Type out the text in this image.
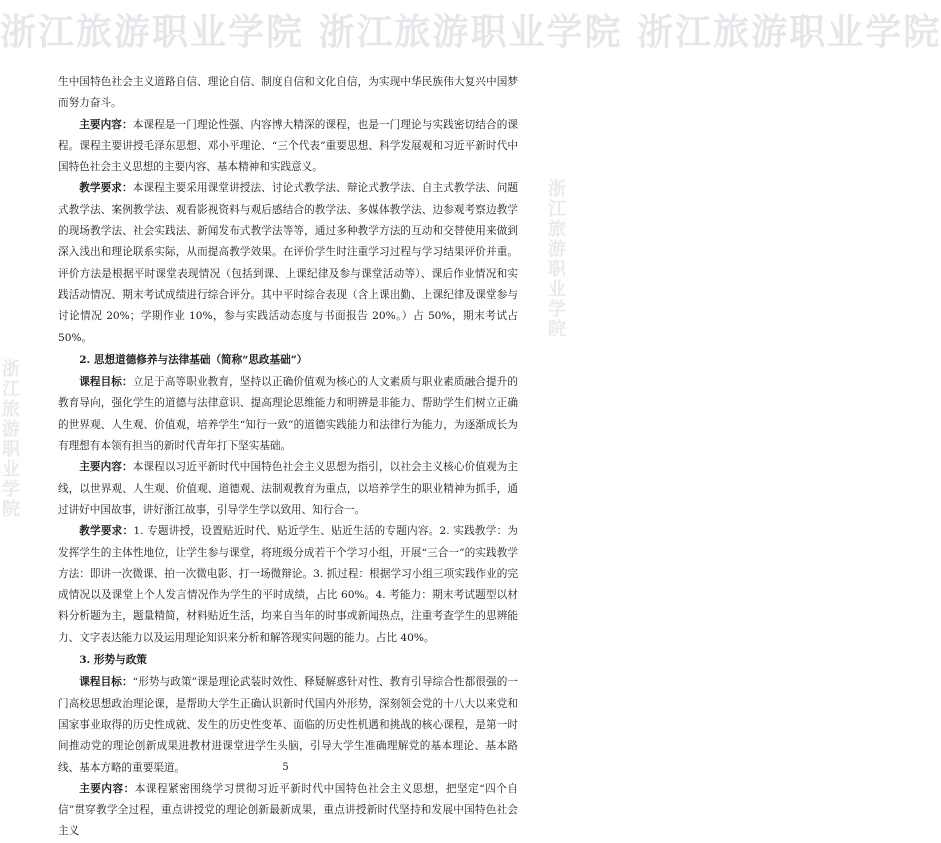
浙江旅游职业学院 浙江旅游职业学院 浙江旅游职业学院
浙江旅游职业学院
浙江旅游职业学院

生中国特色社会主义道路自信、理论自信、制度自信和文化自信，为实现中华民族伟大复兴中国梦而努力奋斗。

主要内容：本课程是一门理论性强、内容博大精深的课程，也是一门理论与实践密切结合的课程。课程主要讲授毛泽东思想、邓小平理论、“三个代表”重要思想、科学发展观和习近平新时代中国特色社会主义思想的主要内容、基本精神和实践意义。

教学要求：本课程主要采用课堂讲授法、讨论式教学法、辩论式教学法、自主式教学法、问题式教学法、案例教学法、观看影视资料与观后感结合的教学法、多媒体教学法、边参观考察边教学的现场教学法、社会实践法、新闻发布式教学法等等，通过多种教学方法的互动和交替使用来做到深入浅出和理论联系实际，从而提高教学效果。在评价学生时注重学习过程与学习结果评价并重。评价方法是根据平时课堂表现情况（包括到课、上课纪律及参与课堂活动等）、课后作业情况和实践活动情况、期末考试成绩进行综合评分。其中平时综合表现（含上课出勤、上课纪律及课堂参与讨论情况 20%；学期作业 10%，参与实践活动态度与书面报告 20%。）占 50%，期末考试占 50%。

2. 思想道德修养与法律基础（简称“思政基础”）

课程目标：立足于高等职业教育，坚持以正确价值观为核心的人文素质与职业素质融合提升的教育导向，强化学生的道德与法律意识、提高理论思维能力和明辨是非能力、帮助学生们树立正确的世界观、人生观、价值观，培养学生“知行一致”的道德实践能力和法律行为能力，为逐渐成长为有理想有本领有担当的新时代青年打下坚实基础。

主要内容：本课程以习近平新时代中国特色社会主义思想为指引，以社会主义核心价值观为主线，以世界观、人生观、价值观、道德观、法制观教育为重点，以培养学生的职业精神为抓手，通过讲好中国故事，讲好浙江故事，引导学生学以致用、知行合一。

教学要求：1. 专题讲授，设置贴近时代、贴近学生、贴近生活的专题内容。2. 实践教学：为发挥学生的主体性地位，让学生参与课堂，将班级分成若干个学习小组，开展“三合一”的实践教学方法：即讲一次微课、拍一次微电影、打一场微辩论。3. 抓过程：根据学习小组三项实践作业的完成情况以及课堂上个人发言情况作为学生的平时成绩，占比 60%。4. 考能力：期末考试题型以材料分析题为主，题量精简，材料贴近生活，均来自当年的时事或新闻热点，注重考查学生的思辨能力、文字表达能力以及运用理论知识来分析和解答现实问题的能力。占比 40%。

3. 形势与政策

课程目标：“形势与政策”课是理论武装时效性、释疑解惑针对性、教育引导综合性都很强的一门高校思想政治理论课，是帮助大学生正确认识新时代国内外形势，深刻领会党的十八大以来党和国家事业取得的历史性成就、发生的历史性变革、面临的历史性机遇和挑战的核心课程，是第一时间推动党的理论创新成果进教材进课堂进学生头脑，引导大学生准确理解党的基本理论、基本路线、基本方略的重要渠道。

主要内容：本课程紧密围绕学习贯彻习近平新时代中国特色社会主义思想，把坚定“四个自信”贯穿教学全过程，重点讲授党的理论创新最新成果，重点讲授新时代坚持和发展中国特色社会主义

5
